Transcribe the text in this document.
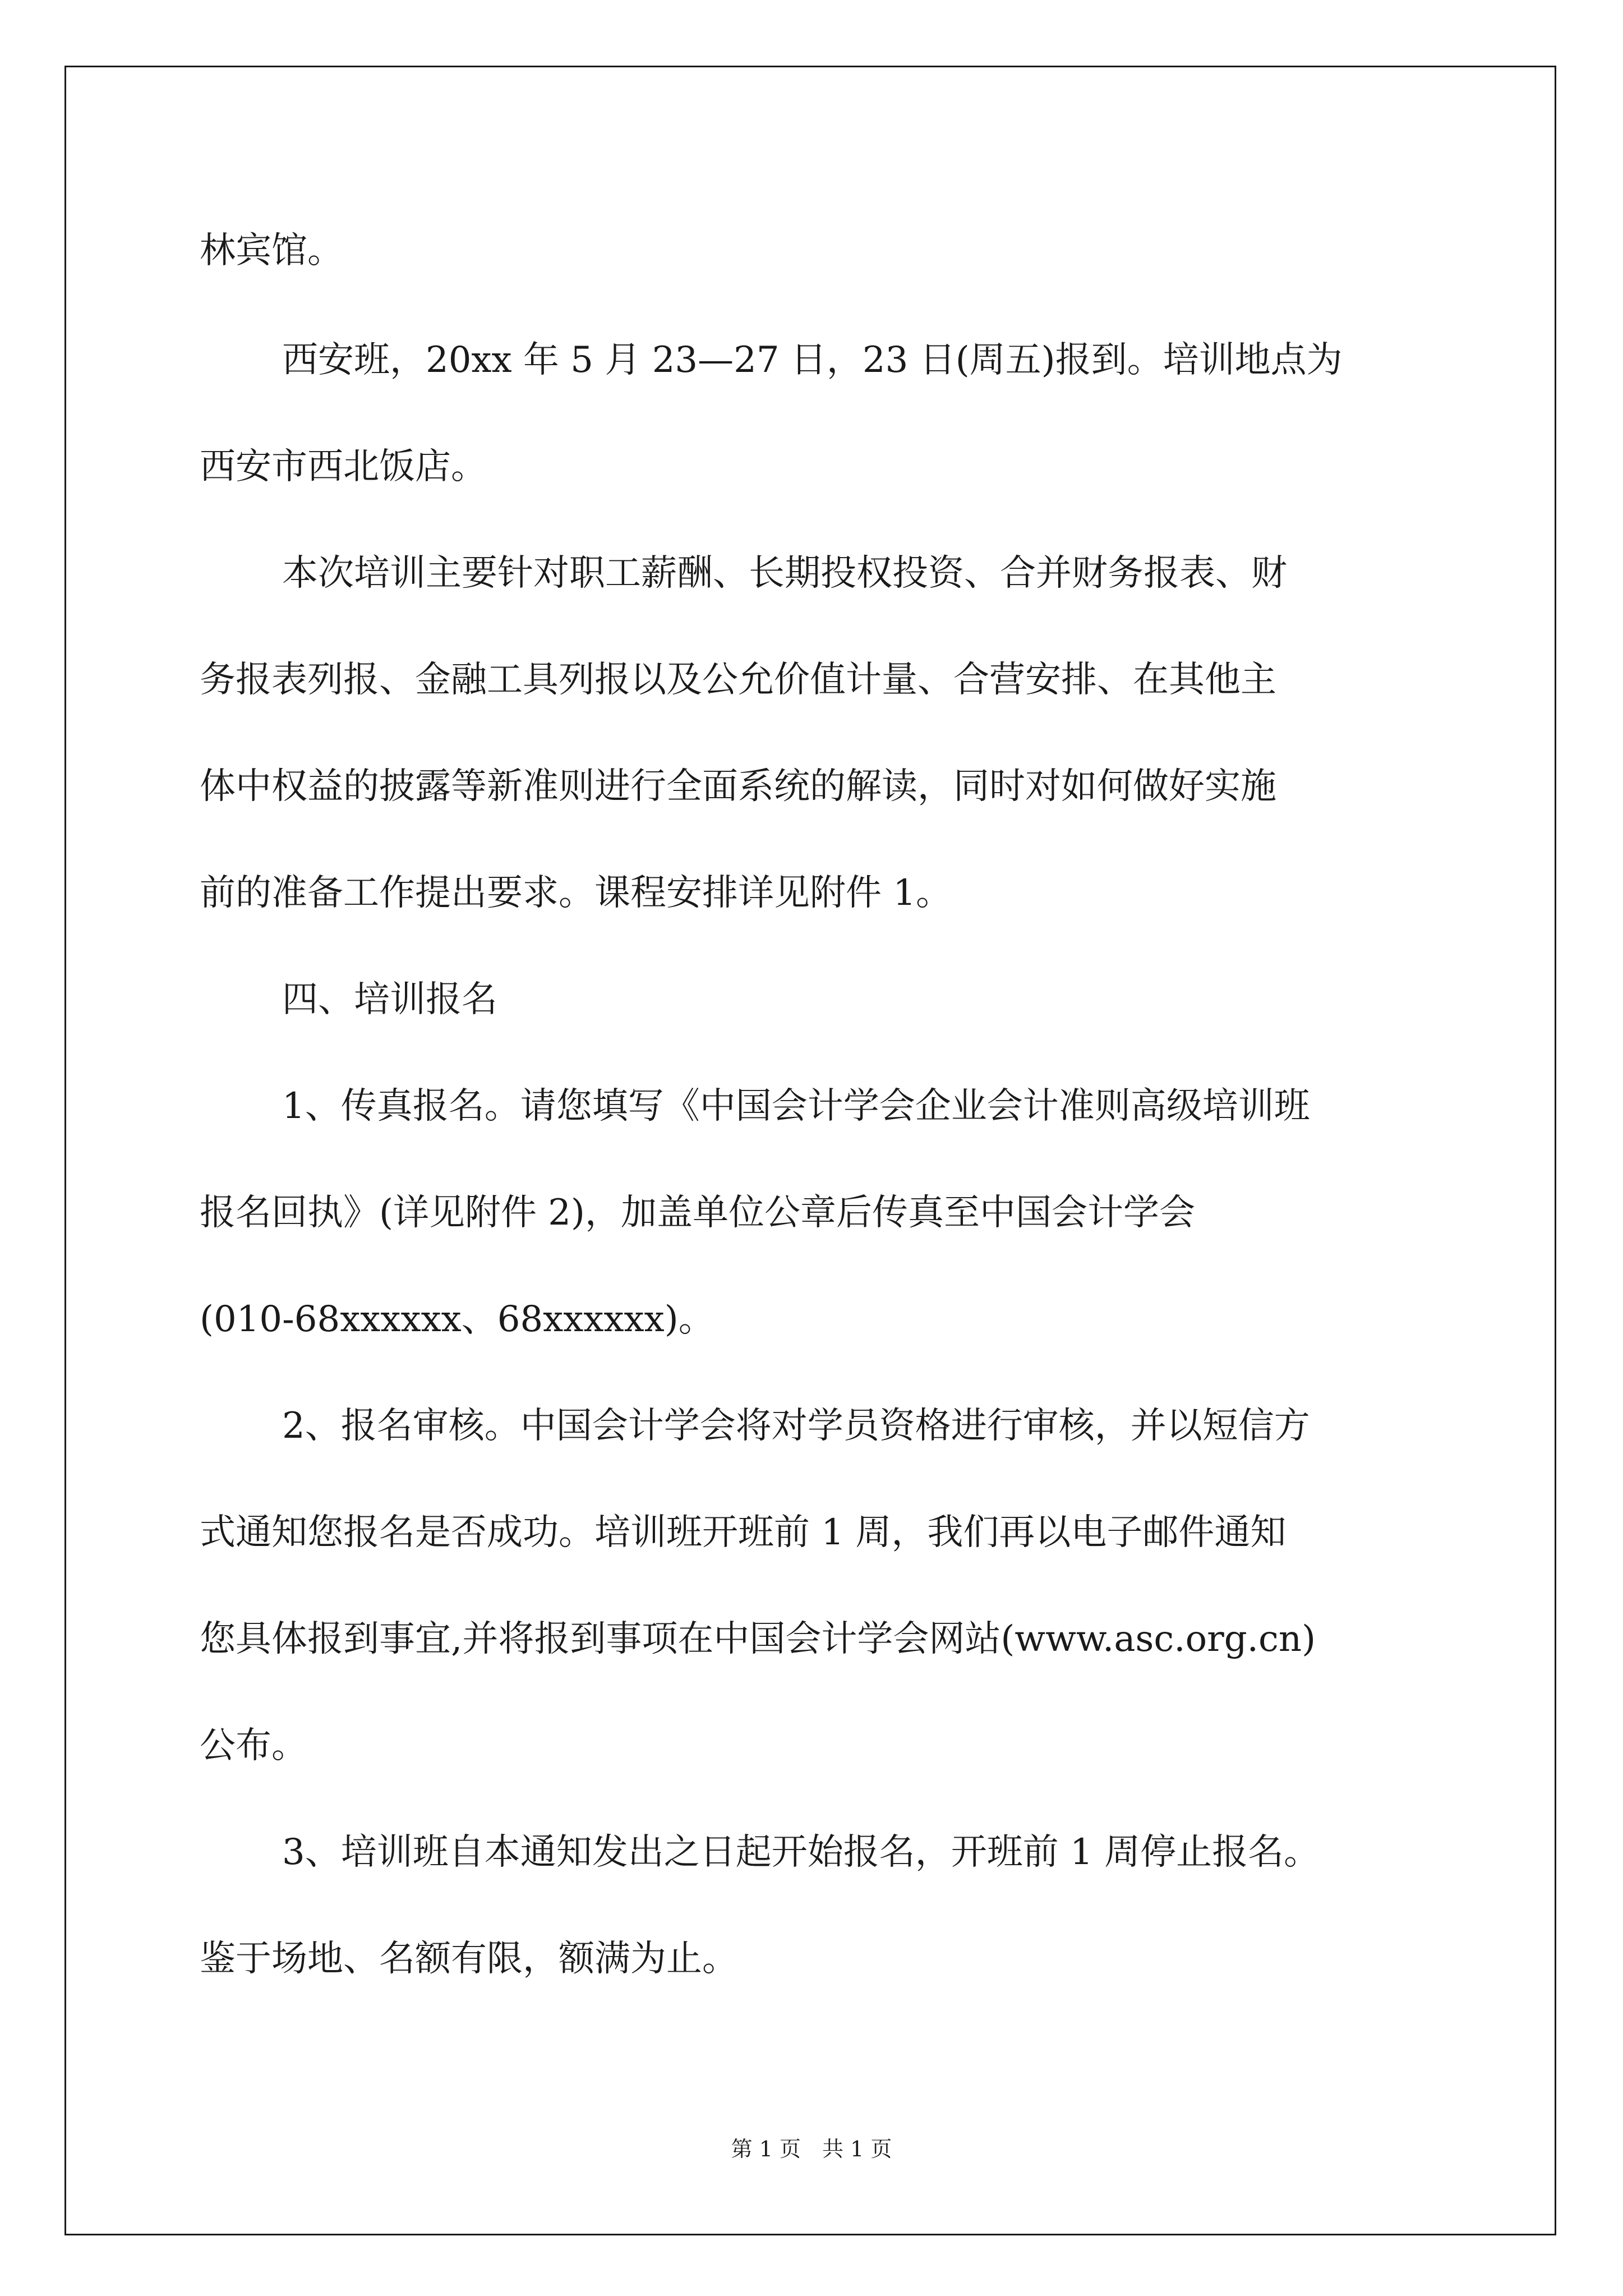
林宾馆。
西安班，20xx 年 5 月 23—27 日，23 日(周五)报到。培训地点为
西安市西北饭店。
本次培训主要针对职工薪酬、长期投权投资、合并财务报表、财
务报表列报、金融工具列报以及公允价值计量、合营安排、在其他主
体中权益的披露等新准则进行全面系统的解读，同时对如何做好实施
前的准备工作提出要求。课程安排详见附件 1。
四、培训报名
1、传真报名。请您填写《中国会计学会企业会计准则高级培训班
报名回执》(详见附件 2)，加盖单位公章后传真至中国会计学会
(010-68xxxxxx、68xxxxxx)。
2、报名审核。中国会计学会将对学员资格进行审核，并以短信方
式通知您报名是否成功。培训班开班前 1 周，我们再以电子邮件通知
您具体报到事宜,并将报到事项在中国会计学会网站(www.asc.org.cn)
公布。
3、培训班自本通知发出之日起开始报名，开班前 1 周停止报名。
鉴于场地、名额有限，额满为止。
第 1 页　共 1 页
